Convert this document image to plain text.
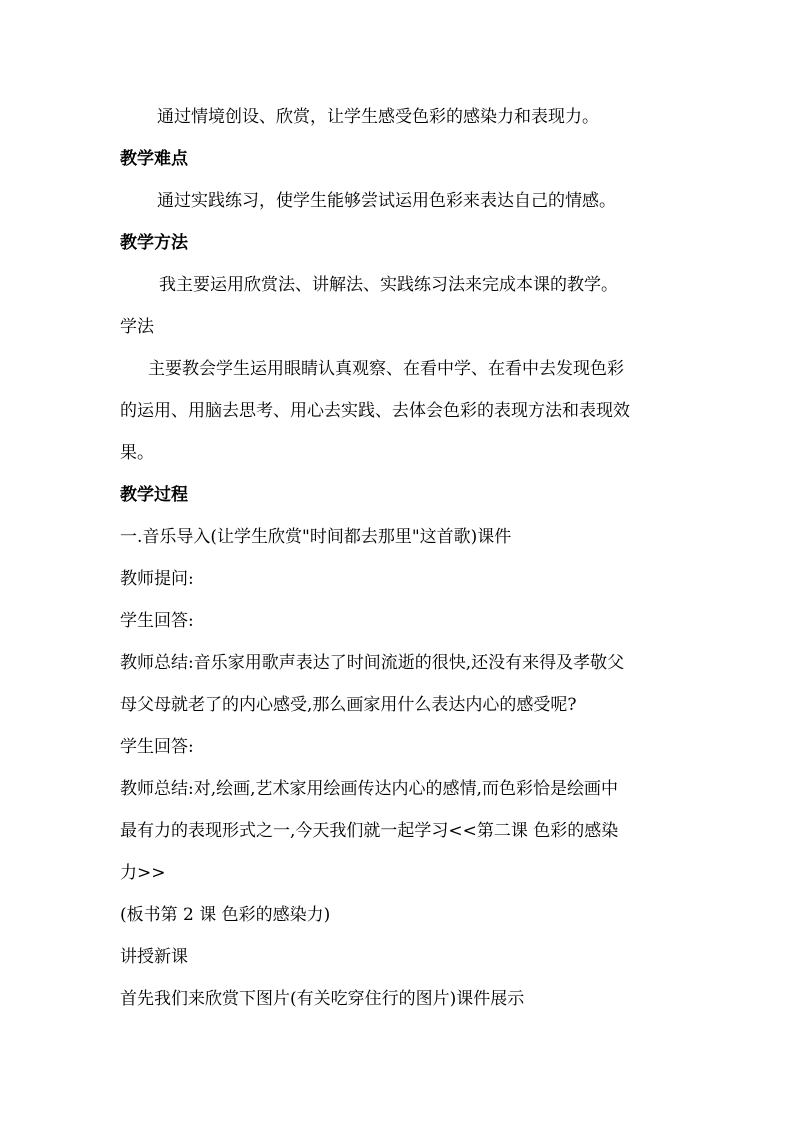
通过情境创设、欣赏，让学生感受色彩的感染力和表现力。
教学难点
通过实践练习，使学生能够尝试运用色彩来表达自己的情感。
教学方法
我主要运用欣赏法、讲解法、实践练习法来完成本课的教学。
学法
主要教会学生运用眼睛认真观察、在看中学、在看中去发现色彩
的运用、用脑去思考、用心去实践、去体会色彩的表现方法和表现效
果。
教学过程
一.音乐导入(让学生欣赏"时间都去那里"这首歌)课件
教师提问:
学生回答:
教师总结:音乐家用歌声表达了时间流逝的很快,还没有来得及孝敬父
母父母就老了的内心感受,那么画家用什么表达内心的感受呢?
学生回答:
教师总结:对,绘画,艺术家用绘画传达内心的感情,而色彩恰是绘画中
最有力的表现形式之一,今天我们就一起学习<<第二课 色彩的感染
力>>
(板书第 2 课 色彩的感染力)
讲授新课
首先我们来欣赏下图片(有关吃穿住行的图片)课件展示
